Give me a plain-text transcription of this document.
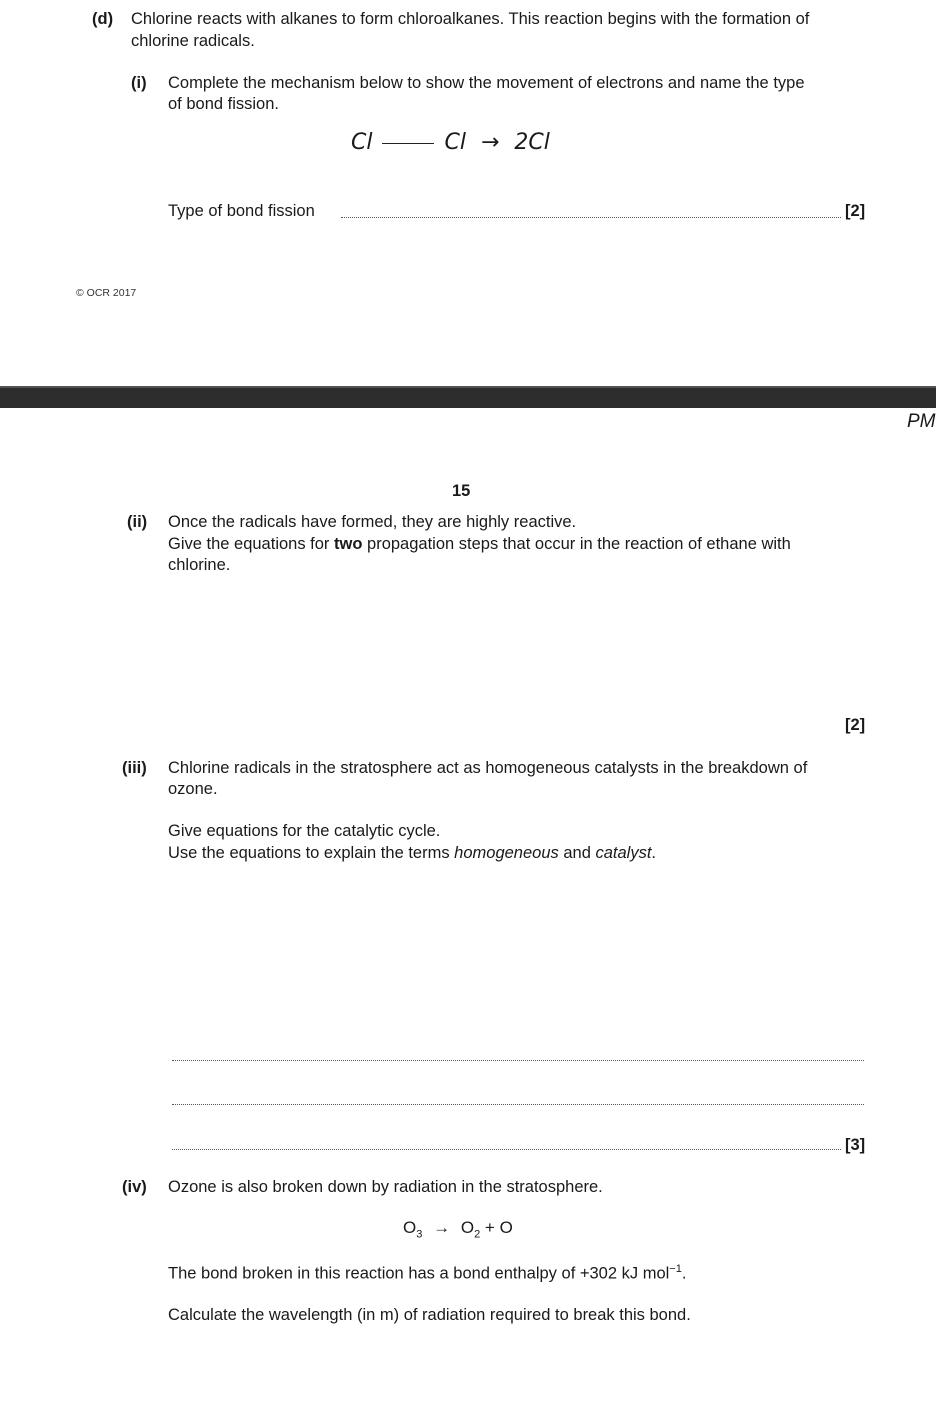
(d) Chlorine reacts with alkanes to form chloroalkanes. This reaction begins with the formation of
chlorine radicals.
(i) Complete the mechanism below to show the movement of electrons and name the type
of bond fission.
Cl	Cl → 2Cl
Type of bond fission	[2]
© OCR 2017
PM
15
(ii) Once the radicals have formed, they are highly reactive.
Give the equations for two propagation steps that occur in the reaction of ethane with
chlorine.
[2]
(iii) Chlorine radicals in the stratosphere act as homogeneous catalysts in the breakdown of
ozone.
Give equations for the catalytic cycle.
Use the equations to explain the terms homogeneous and catalyst.
[3]
(iv) Ozone is also broken down by radiation in the stratosphere.
$O_3 \to O_2 + O$
The bond broken in this reaction has a bond enthalpy of +302 kJ mol$^{-1}$.
Calculate the wavelength (in m) of radiation required to break this bond.
